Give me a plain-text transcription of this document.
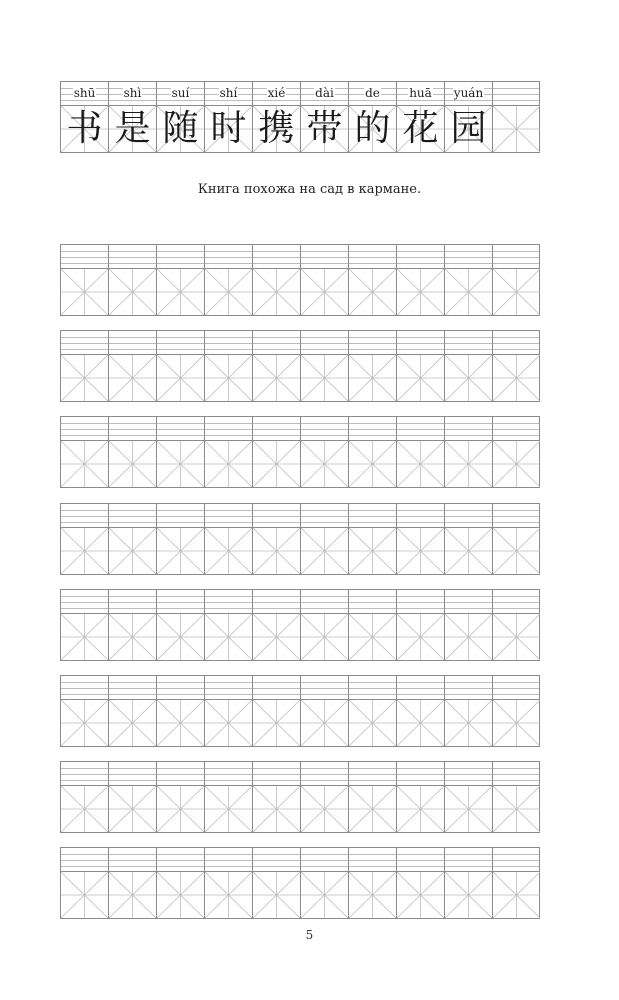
shū
书
shì
是
suí
随
shí
时
xié
携
dài
带
de
的
huā
花
yuán
园
Книга похожа на сад в кармане.
5
